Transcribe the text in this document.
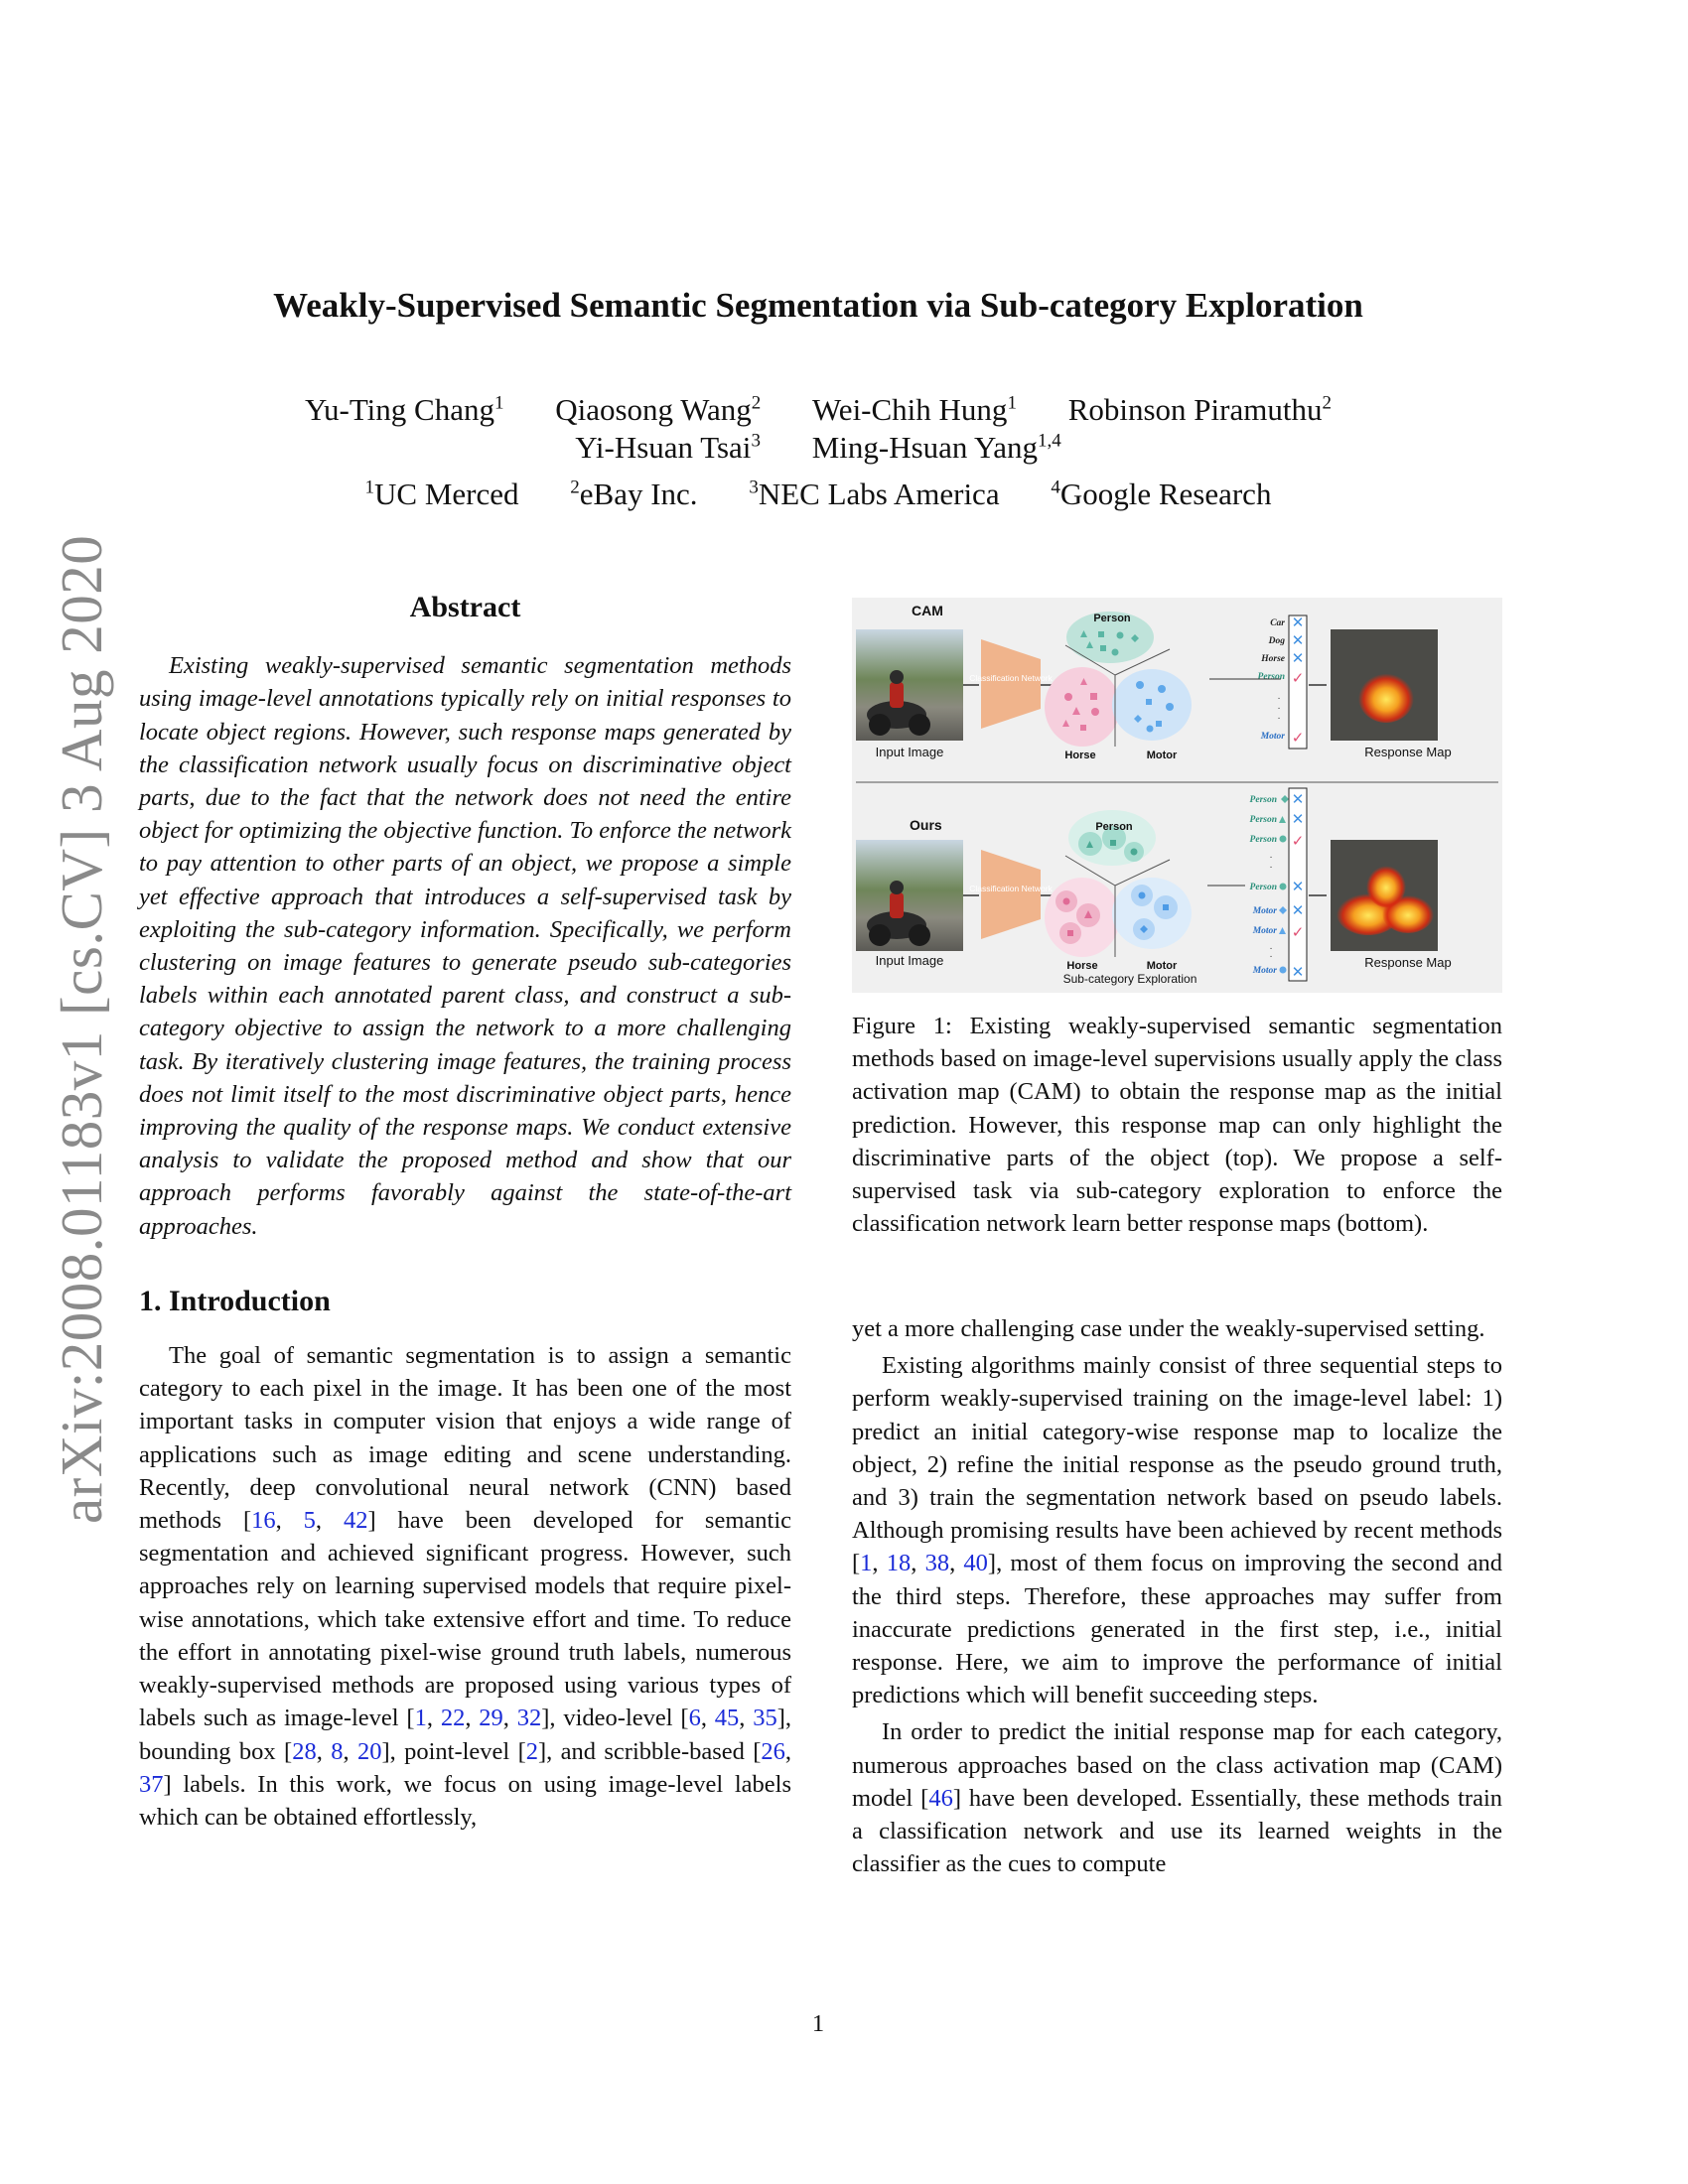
arXiv:2008.01183v1 [cs.CV] 3 Aug 2020
Weakly-Supervised Semantic Segmentation via Sub-category Exploration
Yu-Ting Chang$^1$ Qiaosong Wang$^2$ Wei-Chih Hung$^1$ Robinson Piramuthu$^2$
Yi-Hsuan Tsai$^3$ Ming-Hsuan Yang$^{1,4}$
$^1$UC Merced	$^2$eBay Inc.	$^3$NEC Labs America	$^4$Google Research
Abstract

Existing weakly-supervised semantic segmentation methods using image-level annotations typically rely on initial responses to locate object regions. However, such response maps generated by the classification network usually focus on discriminative object parts, due to the fact that the network does not need the entire object for optimizing the objective function. To enforce the network to pay attention to other parts of an object, we propose a simple yet effective approach that introduces a self-supervised task by exploiting the sub-category information. Specifically, we perform clustering on image features to generate pseudo sub-categories labels within each annotated parent class, and construct a sub-category objective to assign the network to a more challenging task. By iteratively clustering image features, the training process does not limit itself to the most discriminative object parts, hence improving the quality of the response maps. We conduct extensive analysis to validate the proposed method and show that our approach performs favorably against the state-of-the-art approaches.

1. Introduction

The goal of semantic segmentation is to assign a semantic category to each pixel in the image. It has been one of the most important tasks in computer vision that enjoys a wide range of applications such as image editing and scene understanding. Recently, deep convolutional neural network (CNN) based methods [16, 5, 42] have been developed for semantic segmentation and achieved significant progress. However, such approaches rely on learning supervised models that require pixel-wise annotations, which take extensive effort and time. To reduce the effort in annotating pixel-wise ground truth labels, numerous weakly-supervised methods are proposed using various types of labels such as image-level [1, 22, 29, 32], video-level [6, 45, 35], bounding box [28, 8, 20], point-level [2], and scribble-based [26, 37] labels. In this work, we focus on using image-level labels which can be obtained effortlessly,

CAM
Input Image
Classification Network
Person
Horse	Motor
Car
Dog
Horse
Person
Motor
·
·
·
✕
✕
✕
✓
✓
Response Map
Ours
Input Image
Classification Network
Person
Horse	Motor
Sub-category Exploration
Person
Person
Person
Person
Motor
Motor
Motor
·
·
·
·
✕
✕
✓
✕
✕
✓
✕
Response Map
Figure 1: Existing weakly-supervised semantic segmentation methods based on image-level supervisions usually apply the class activation map (CAM) to obtain the response map as the initial prediction. However, this response map can only highlight the discriminative parts of the object (top). We propose a self-supervised task via sub-category exploration to enforce the classification network learn better response maps (bottom).

yet a more challenging case under the weakly-supervised setting.

Existing algorithms mainly consist of three sequential steps to perform weakly-supervised training on the image-level label: 1) predict an initial category-wise response map to localize the object, 2) refine the initial response as the pseudo ground truth, and 3) train the segmentation network based on pseudo labels. Although promising results have been achieved by recent methods [1, 18, 38, 40], most of them focus on improving the second and the third steps. Therefore, these approaches may suffer from inaccurate predictions generated in the first step, i.e., initial response. Here, we aim to improve the performance of initial predictions which will benefit succeeding steps.

In order to predict the initial response map for each category, numerous approaches based on the class activation map (CAM) model [46] have been developed. Essentially, these methods train a classification network and use its learned weights in the classifier as the cues to compute

1
